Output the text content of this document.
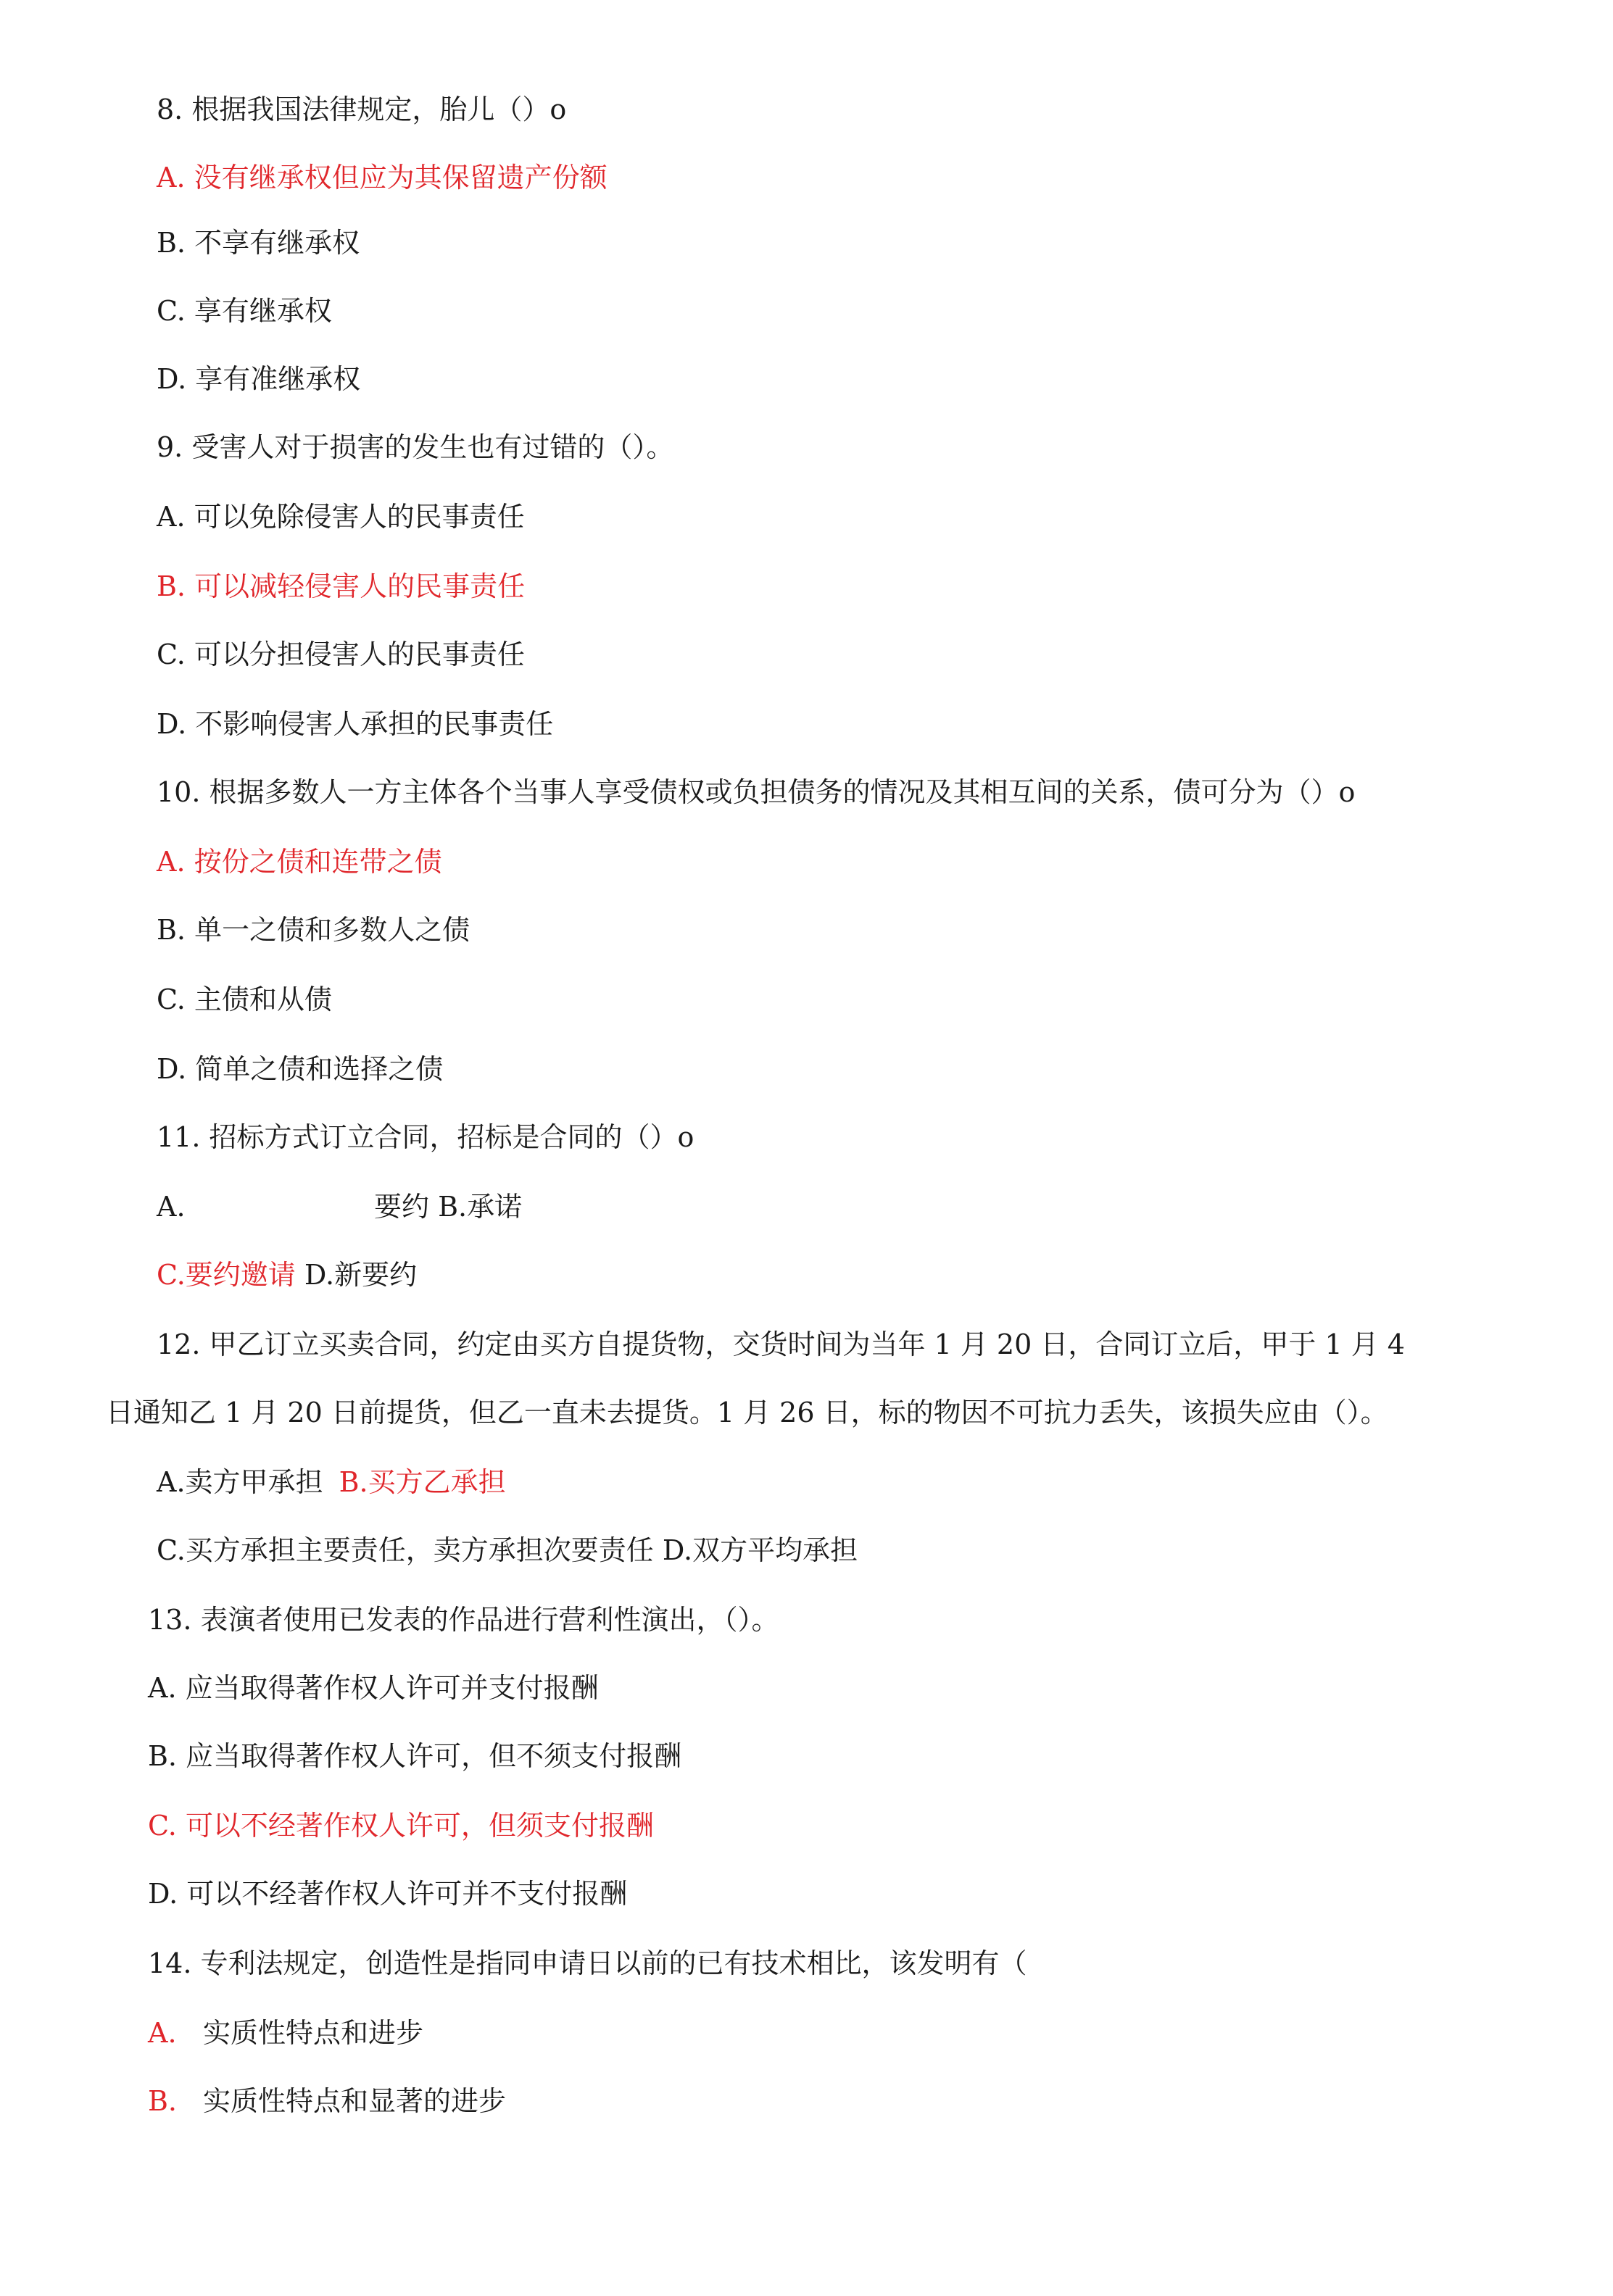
8. 根据我国法律规定，胎儿（）o
A. 没有继承权但应为其保留遗产份额
B. 不享有继承权
C. 享有继承权
D. 享有准继承权
9. 受害人对于损害的发生也有过错的（）。
A. 可以免除侵害人的民事责任
B. 可以减轻侵害人的民事责任
C. 可以分担侵害人的民事责任
D. 不影响侵害人承担的民事责任
10. 根据多数人一方主体各个当事人享受债权或负担债务的情况及其相互间的关系，债可分为（）o
A. 按份之债和连带之债
B. 单一之债和多数人之债
C. 主债和从债
D. 简单之债和选择之债
11. 招标方式订立合同，招标是合同的（）o
A.	要约 B.承诺
C.要约邀请 D.新要约
12. 甲乙订立买卖合同，约定由买方自提货物，交货时间为当年 1 月 20 日，合同订立后，甲于 1 月 4
日通知乙 1 月 20 日前提货，但乙一直未去提货。1 月 26 日，标的物因不可抗力丢失，该损失应由（）。
A.卖方甲承担 B.买方乙承担
C.买方承担主要责任，卖方承担次要责任 D.双方平均承担
13. 表演者使用已发表的作品进行营利性演出，（）。
A. 应当取得著作权人许可并支付报酬
B. 应当取得著作权人许可，但不须支付报酬
C. 可以不经著作权人许可，但须支付报酬
D. 可以不经著作权人许可并不支付报酬
14. 专利法规定，创造性是指同申请日以前的已有技术相比，该发明有（
A. 实质性特点和进步
B. 实质性特点和显著的进步
